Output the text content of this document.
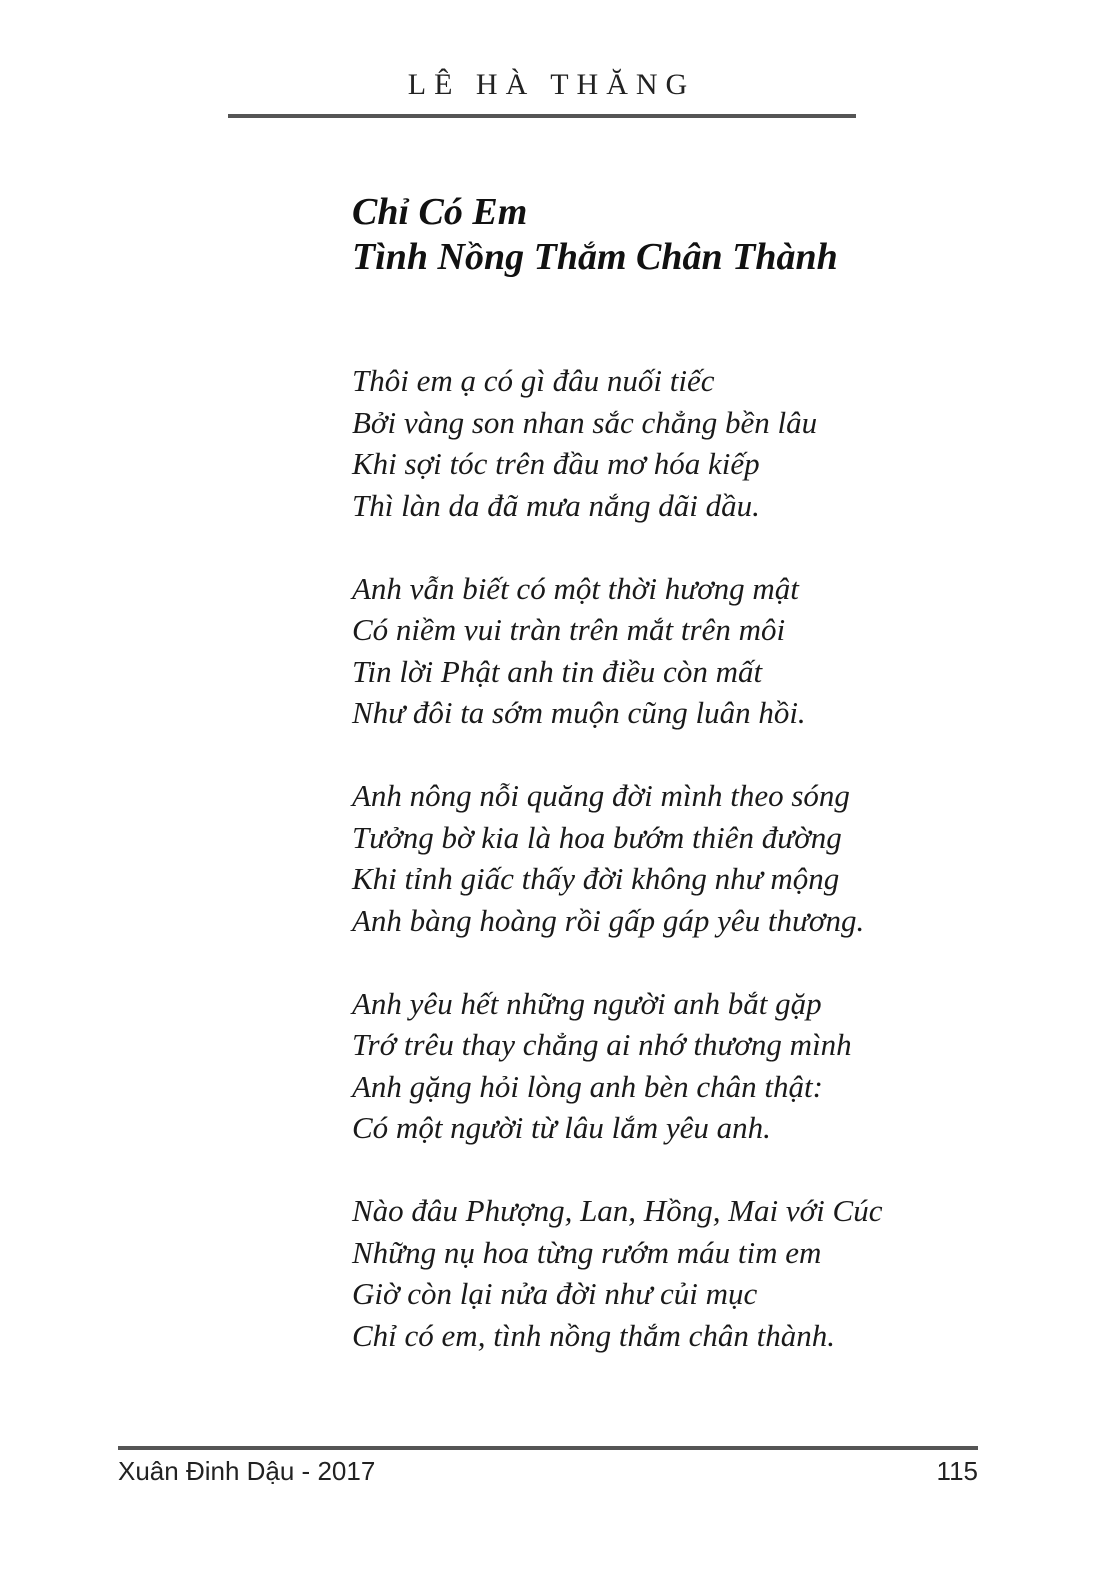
LÊ HÀ THĂNG
Chỉ Có Em
Tình Nồng Thắm Chân Thành
Thôi em ạ có gì đâu nuối tiếc
Bởi vàng son nhan sắc chẳng bền lâu
Khi sợi tóc trên đầu mơ hóa kiếp
Thì làn da đã mưa nắng dãi dầu.
Anh vẫn biết có một thời hương mật
Có niềm vui tràn trên mắt trên môi
Tin lời Phật anh tin điều còn mất
Như đôi ta sớm muộn cũng luân hồi.
Anh nông nỗi quăng đời mình theo sóng
Tưởng bờ kia là hoa bướm thiên đường
Khi tỉnh giấc thấy đời không như mộng
Anh bàng hoàng rồi gấp gáp yêu thương.
Anh yêu hết những người anh bắt gặp
Trớ trêu thay chẳng ai nhớ thương mình
Anh gặng hỏi lòng anh bèn chân thật:
Có một người từ lâu lắm yêu anh.
Nào đâu Phượng, Lan, Hồng, Mai với Cúc
Những nụ hoa từng rướm máu tim em
Giờ còn lại nửa đời như củi mục
Chỉ có em, tình nồng thắm chân thành.
Xuân Đinh Dậu - 2017	115
